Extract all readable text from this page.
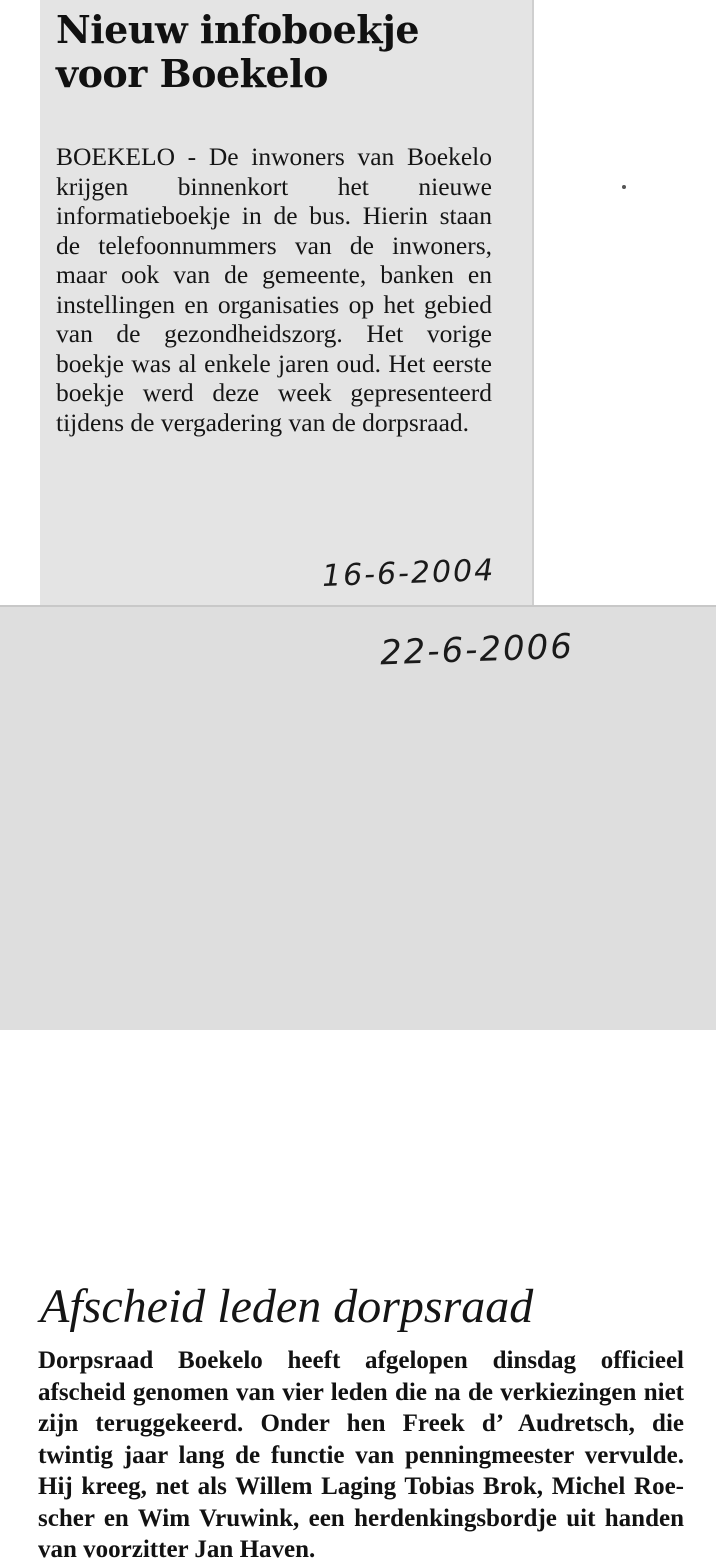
Nieuw infoboekje voor Boekelo

BOEKELO - De inwoners van Boekelo krijgen binnenkort het nieuwe informatieboekje in de bus. Hierin staan de telefoonnummers van de inwoners, maar ook van de gemeente, banken en instellingen en organisaties op het gebied van de gezondheidszorg. Het vorige boekje was al enkele jaren oud. Het eerste boekje werd deze week gepresenteerd tijdens de vergadering van de dorpsraad.

16-6-2004
Afscheid leden dorpsraad

Dorpsraad Boekelo heeft afgelopen dinsdag officieel afscheid genomen van vier leden die na de verkiezingen niet zijn teruggekeerd. Onder hen Freek d’ Audretsch, die twintig jaar lang de functie van penningmeester vervulde. Hij kreeg, net als Willem Laging Tobias Brok, Michel Roescher en Wim Vruwink, een herdenkingsbordje uit handen van voorzitter Jan Haven.

22-6-2006
